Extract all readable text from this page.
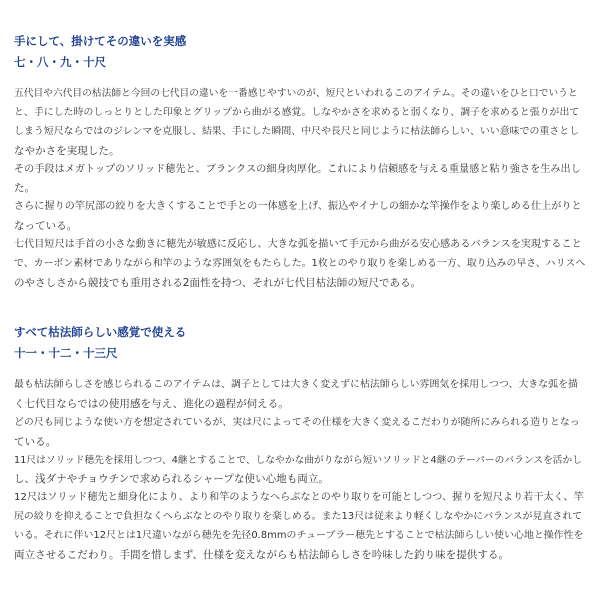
手にして、掛けてその違いを実感
七・八・九・十尺
五代目や六代目の枯法師と今回の七代目の違いを一番感じやすいのが、短尺といわれるこのアイテム。その違いをひと口でいうと
と、手にした時のしっとりとした印象とグリップから曲がる感覚。しなやかさを求めると弱くなり、調子を求めると張りが出て
しまう短尺ならではのジレンマを克服し、結果、手にした瞬間、中尺や長尺と同じように枯法師らしい、いい意味での重さとし
なやかさを実現した。
その手段はメガトップのソリッド穂先と、ブランクスの細身肉厚化。これにより信頼感を与える重量感と粘り強さを生み出し
た。
さらに握りの竿尻部の絞りを大きくすることで手との一体感を上げ、振込やイナしの細かな竿操作をより楽しめる仕上がりと
なっている。
七代目短尺は手首の小さな動きに穂先が敏感に反応し、大きな弧を描いて手元から曲がる安心感あるバランスを実現すること
で、カーボン素材でありながら和竿のような雰囲気をもたらした。1枚とのやり取りを楽しめる一方、取り込みの早さ、ハリスへ
のやさしさから競技でも重用される2面性を持つ、それが七代目枯法師の短尺である。
すべて枯法師らしい感覚で使える
十一・十二・十三尺
最も枯法師らしさを感じられるこのアイテムは、調子としては大きく変えずに枯法師らしい雰囲気を採用しつつ、大きな弧を描
く七代目ならではの使用感を与え、進化の過程が伺える。
どの尺も同じような使い方を想定されているが、実は尺によってその仕様を大きく変えるこだわりが随所にみられる造りとなっ
ている。
11尺はソリッド穂先を採用しつつ、4継とすることで、しなやかな曲がりながら短いソリッドと4継のテーパーのバランスを活かし
し、浅ダナやチョウチンで求められるシャープな使い心地も両立。
12尺はソリッド穂先と細身化により、より和竿のようなへらぶなとのやり取りを可能としつつ、握りを短尺より若干太く、竿
尻の絞りを抑えることで負担なくへらぶなとのやり取りを楽しめる。また13尺は従来より軽くしなやかにバランスが見直されて
いる。それに伴い12尺とは1尺違いながら穂先を先径0.8mmのチューブラー穂先とすることで枯法師らしい使い心地と操作性を
両立させるこだわり。手間を惜しまず、仕様を変えながらも枯法師らしさを吟味した釣り味を提供する。
